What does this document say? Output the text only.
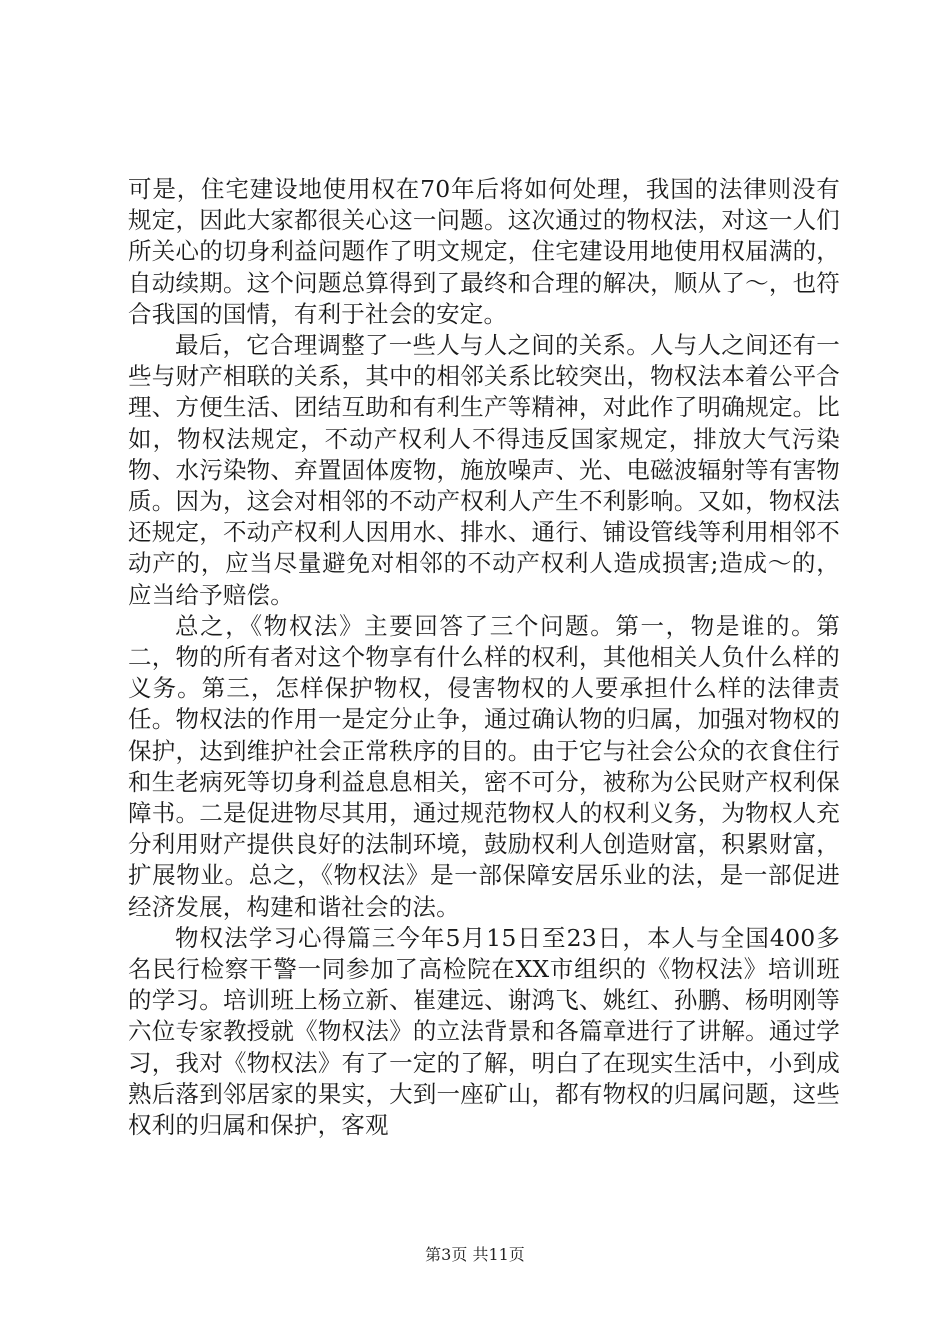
可是，住宅建设地使用权在70年后将如何处理，我国的法律则没有规定，因此大家都很关心这一问题。这次通过的物权法，对这一人们所关心的切身利益问题作了明文规定，住宅建设用地使用权届满的，自动续期。这个问题总算得到了最终和合理的解决，顺从了～，也符合我国的国情，有利于社会的安定。

最后，它合理调整了一些人与人之间的关系。人与人之间还有一些与财产相联的关系，其中的相邻关系比较突出，物权法本着公平合理、方便生活、团结互助和有利生产等精神，对此作了明确规定。比如，物权法规定，不动产权利人不得违反国家规定，排放大气污染物、水污染物、弃置固体废物，施放噪声、光、电磁波辐射等有害物质。因为，这会对相邻的不动产权利人产生不利影响。又如，物权法还规定，不动产权利人因用水、排水、通行、铺设管线等利用相邻不动产的，应当尽量避免对相邻的不动产权利人造成损害;造成～的，应当给予赔偿。

总之，《物权法》主要回答了三个问题。第一，物是谁的。第二，物的所有者对这个物享有什么样的权利，其他相关人负什么样的义务。第三，怎样保护物权，侵害物权的人要承担什么样的法律责任。物权法的作用一是定分止争，通过确认物的归属，加强对物权的保护，达到维护社会正常秩序的目的。由于它与社会公众的衣食住行和生老病死等切身利益息息相关，密不可分，被称为公民财产权利保障书。二是促进物尽其用，通过规范物权人的权利义务，为物权人充分利用财产提供良好的法制环境，鼓励权利人创造财富，积累财富，扩展物业。总之，《物权法》是一部保障安居乐业的法，是一部促进经济发展，构建和谐社会的法。

物权法学习心得篇三今年5月15日至23日，本人与全国400多名民行检察干警一同参加了高检院在XX市组织的《物权法》培训班的学习。培训班上杨立新、崔建远、谢鸿飞、姚红、孙鹏、杨明刚等六位专家教授就《物权法》的立法背景和各篇章进行了讲解。通过学习，我对《物权法》有了一定的了解，明白了在现实生活中，小到成熟后落到邻居家的果实，大到一座矿山，都有物权的归属问题，这些权利的归属和保护，客观

第3页 共11页
